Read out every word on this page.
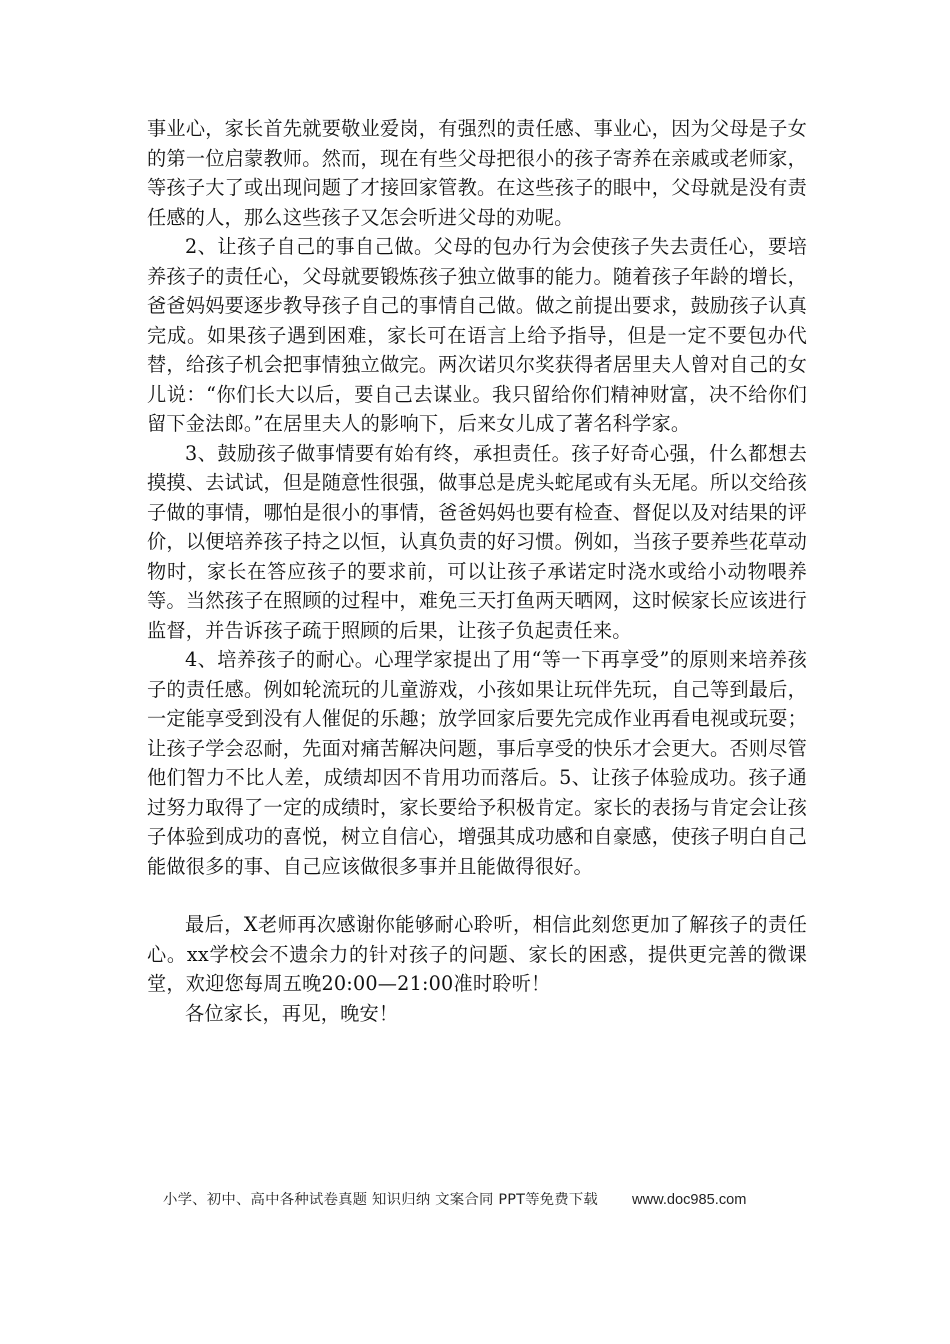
事业心，家长首先就要敬业爱岗，有强烈的责任感、事业心，因为父母是子女的第一位启蒙教师。然而，现在有些父母把很小的孩子寄养在亲戚或老师家，等孩子大了或出现问题了才接回家管教。在这些孩子的眼中，父母就是没有责任感的人，那么这些孩子又怎会听进父母的劝呢。

2、让孩子自己的事自己做。父母的包办行为会使孩子失去责任心，要培养孩子的责任心，父母就要锻炼孩子独立做事的能力。随着孩子年龄的增长，爸爸妈妈要逐步教导孩子自己的事情自己做。做之前提出要求，鼓励孩子认真完成。如果孩子遇到困难，家长可在语言上给予指导，但是一定不要包办代替，给孩子机会把事情独立做完。两次诺贝尔奖获得者居里夫人曾对自己的女儿说：“你们长大以后，要自己去谋业。我只留给你们精神财富，决不给你们留下金法郎。”在居里夫人的影响下，后来女儿成了著名科学家。

3、鼓励孩子做事情要有始有终，承担责任。孩子好奇心强，什么都想去摸摸、去试试，但是随意性很强，做事总是虎头蛇尾或有头无尾。所以交给孩子做的事情，哪怕是很小的事情，爸爸妈妈也要有检查、督促以及对结果的评价，以便培养孩子持之以恒，认真负责的好习惯。例如，当孩子要养些花草动物时，家长在答应孩子的要求前，可以让孩子承诺定时浇水或给小动物喂养等。当然孩子在照顾的过程中，难免三天打鱼两天晒网，这时候家长应该进行监督，并告诉孩子疏于照顾的后果，让孩子负起责任来。

4、培养孩子的耐心。心理学家提出了用“等一下再享受”的原则来培养孩子的责任感。例如轮流玩的儿童游戏，小孩如果让玩伴先玩，自己等到最后，一定能享受到没有人催促的乐趣；放学回家后要先完成作业再看电视或玩耍；让孩子学会忍耐，先面对痛苦解决问题，事后享受的快乐才会更大。否则尽管他们智力不比人差，成绩却因不肯用功而落后。5、让孩子体验成功。孩子通过努力取得了一定的成绩时，家长要给予积极肯定。家长的表扬与肯定会让孩子体验到成功的喜悦，树立自信心，增强其成功感和自豪感，使孩子明白自己能做很多的事、自己应该做很多事并且能做得很好。

最后，X老师再次感谢你能够耐心聆听，相信此刻您更加了解孩子的责任心。xx学校会不遗余力的针对孩子的问题、家长的困惑，提供更完善的微课堂，欢迎您每周五晚20:00—21:00准时聆听！

各位家长，再见，晚安！

小学、初中、高中各种试卷真题 知识归纳 文案合同 PPT等免费下载 www.doc985.com
